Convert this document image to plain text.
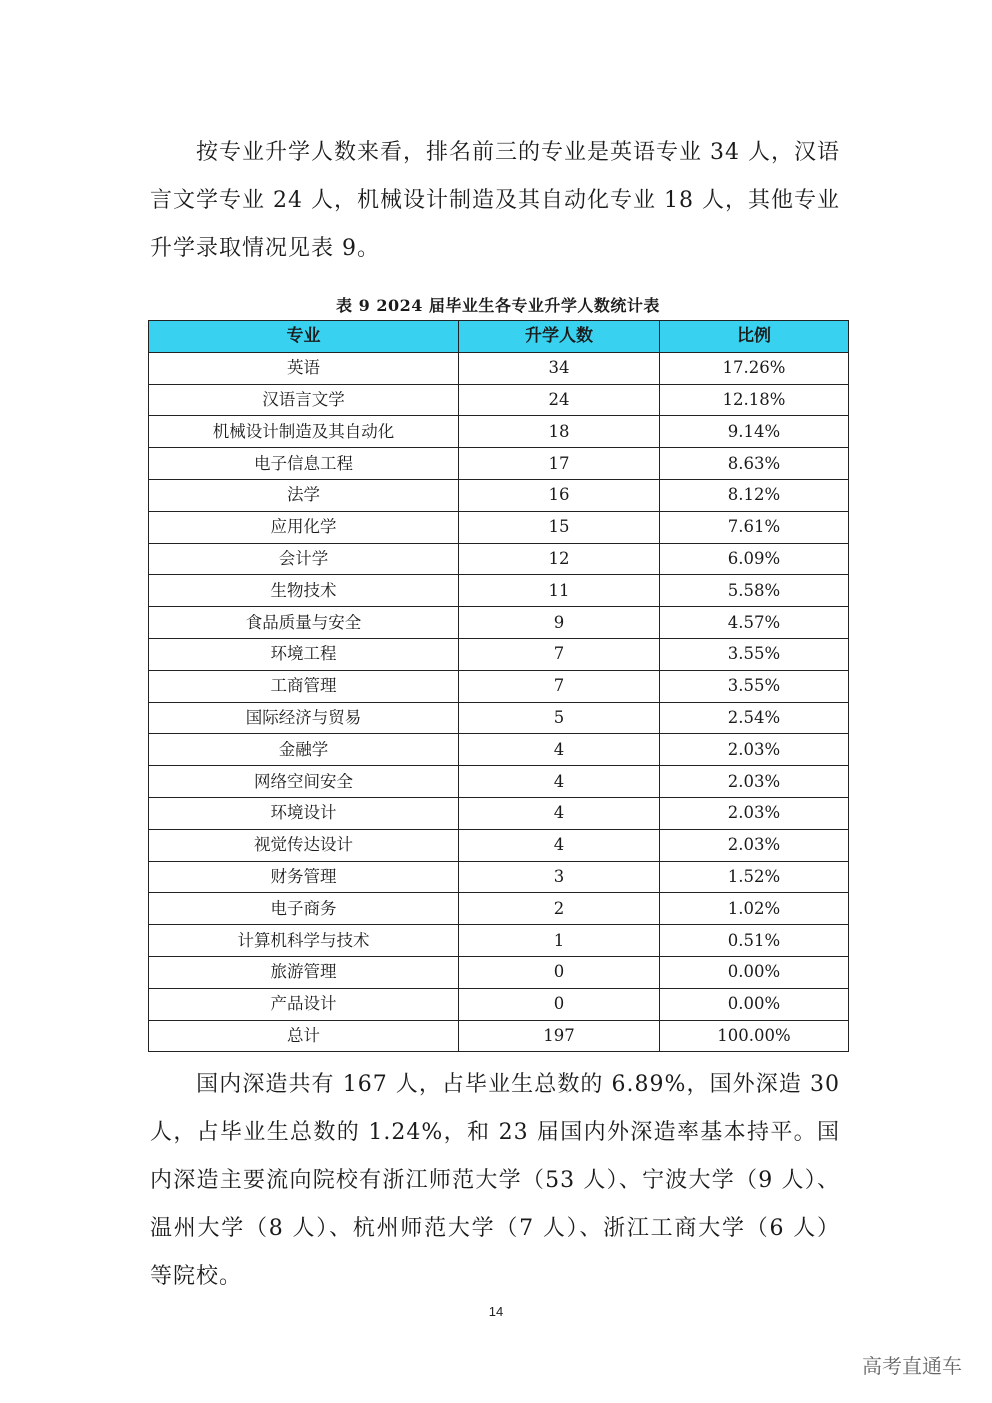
　　按专业升学人数来看，排名前三的专业是英语专业 34 人，汉语言文学专业 24 人，机械设计制造及其自动化专业 18 人，其他专业升学录取情况见表 9。

表 9 2024 届毕业生各专业升学人数统计表
专业	升学人数	比例
英语	34	17.26%
汉语言文学	24	12.18%
机械设计制造及其自动化	18	9.14%
电子信息工程	17	8.63%
法学	16	8.12%
应用化学	15	7.61%
会计学	12	6.09%
生物技术	11	5.58%
食品质量与安全	9	4.57%
环境工程	7	3.55%
工商管理	7	3.55%
国际经济与贸易	5	2.54%
金融学	4	2.03%
网络空间安全	4	2.03%
环境设计	4	2.03%
视觉传达设计	4	2.03%
财务管理	3	1.52%
电子商务	2	1.02%
计算机科学与技术	1	0.51%
旅游管理	0	0.00%
产品设计	0	0.00%
总计	197	100.00%

　　国内深造共有 167 人，占毕业生总数的 6.89%，国外深造 30 人，占毕业生总数的 1.24%，和 23 届国内外深造率基本持平。国内深造主要流向院校有浙江师范大学（53 人）、宁波大学（9 人）、温州大学（8 人）、杭州师范大学（7 人）、浙江工商大学（6 人）等院校。

14
高考直通车
